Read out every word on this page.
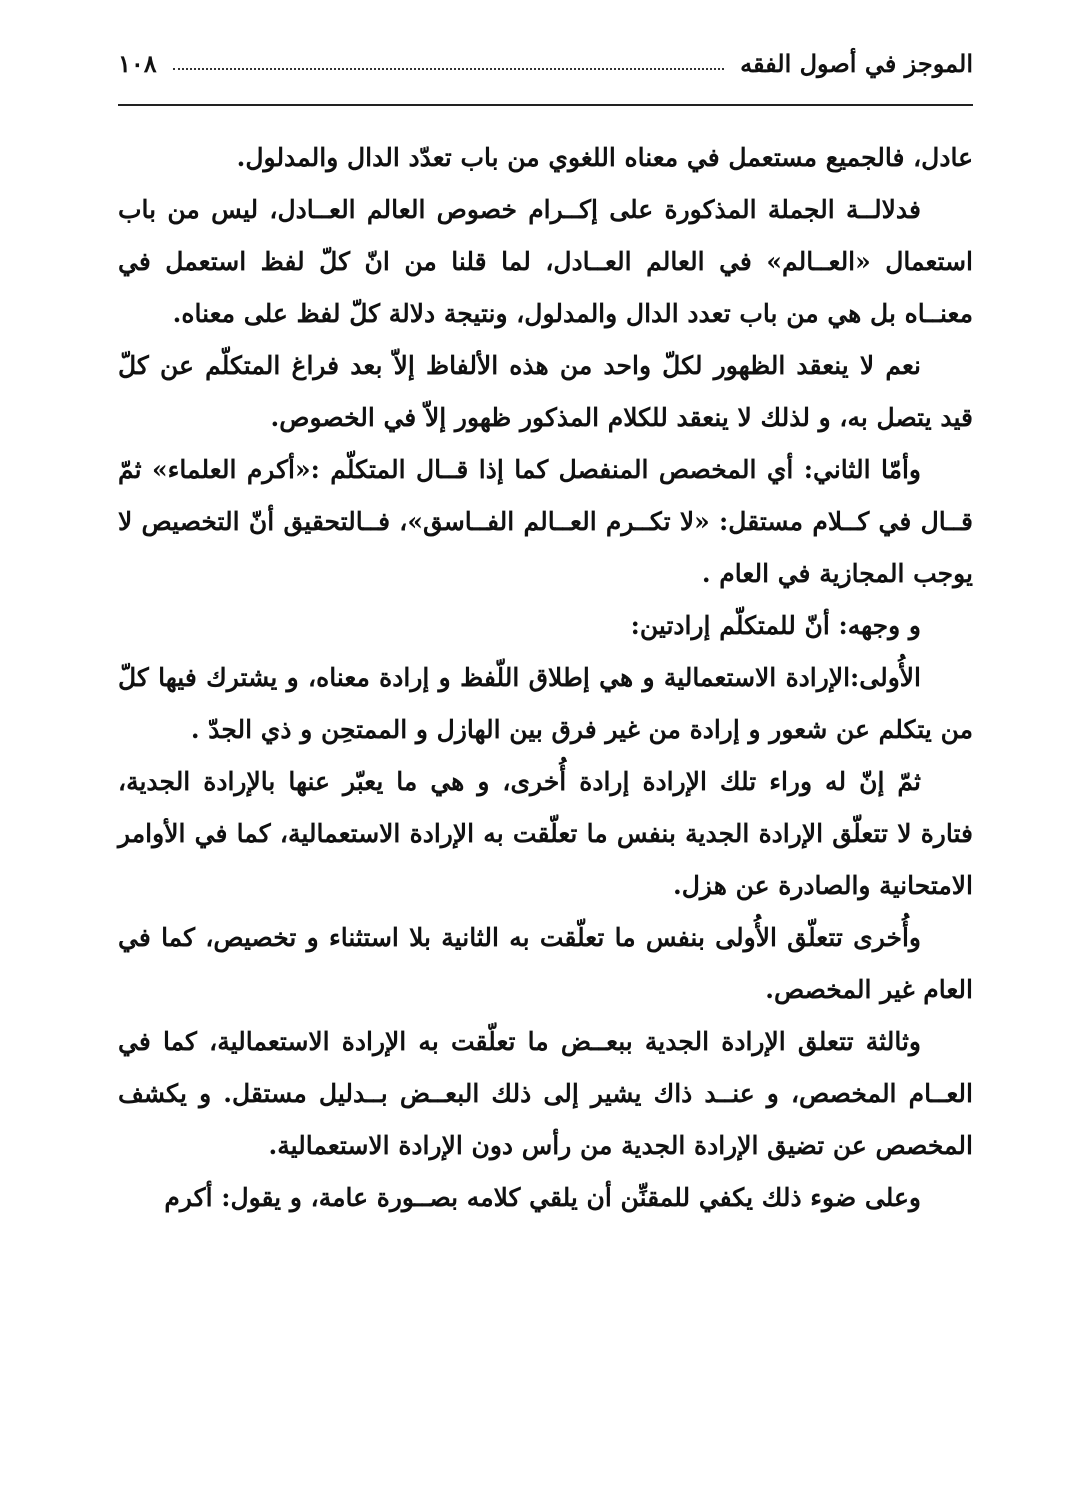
الموجز في أصول الفقه
١٠٨

عادل، فالجميع مستعمل في معناه اللغوي من باب تعدّد الدال والمدلول.

فدلالــة الجملة المذكورة على إكــرام خصوص العالم العــادل، ليس من باب استعمال «العــالم» في العالم العــادل، لما قلنا من انّ كلّ لفظ استعمل في معنــاه بل هي من باب تعدد الدال والمدلول، ونتيجة دلالة كلّ لفظ على معناه.

نعم لا ينعقد الظهور لكلّ واحد من هذه الألفاظ إلاّ بعد فراغ المتكلّم عن كلّ قيد يتصل به، و لذلك لا ينعقد للكلام المذكور ظهور إلاّ في الخصوص.

وأمّا الثاني: أي المخصص المنفصل كما إذا قــال المتكلّم :«أكرم العلماء» ثمّ قــال في كــلام مستقل: «لا تكــرم العــالم الفــاسق»، فــالتحقيق أنّ التخصيص لا يوجب المجازية في العام .

و وجهه: أنّ للمتكلّم إرادتين:

الأُولى:الإرادة الاستعمالية و هي إطلاق اللّفظ و إرادة معناه، و يشترك فيها كلّ من يتكلم عن شعور و إرادة من غير فرق بين الهازل و الممتحِن و ذي الجدّ .

ثمّ إنّ له وراء تلك الإرادة إرادة أُخرى، و هي ما يعبّر عنها بالإرادة الجدية، فتارة لا تتعلّق الإرادة الجدية بنفس ما تعلّقت به الإرادة الاستعمالية، كما في الأوامر الامتحانية والصادرة عن هزل.

وأُخرى تتعلّق الأُولى بنفس ما تعلّقت به الثانية بلا استثناء و تخصيص، كما في العام غير المخصص.

وثالثة تتعلق الإرادة الجدية ببعــض ما تعلّقت به الإرادة الاستعمالية، كما في العــام المخصص، و عنــد ذاك يشير إلى ذلك البعــض بــدليل مستقل. و يكشف المخصص عن تضيق الإرادة الجدية من رأس دون الإرادة الاستعمالية.

وعلى ضوء ذلك يكفي للمقنِّن أن يلقي كلامه بصــورة عامة، و يقول: أكرم
